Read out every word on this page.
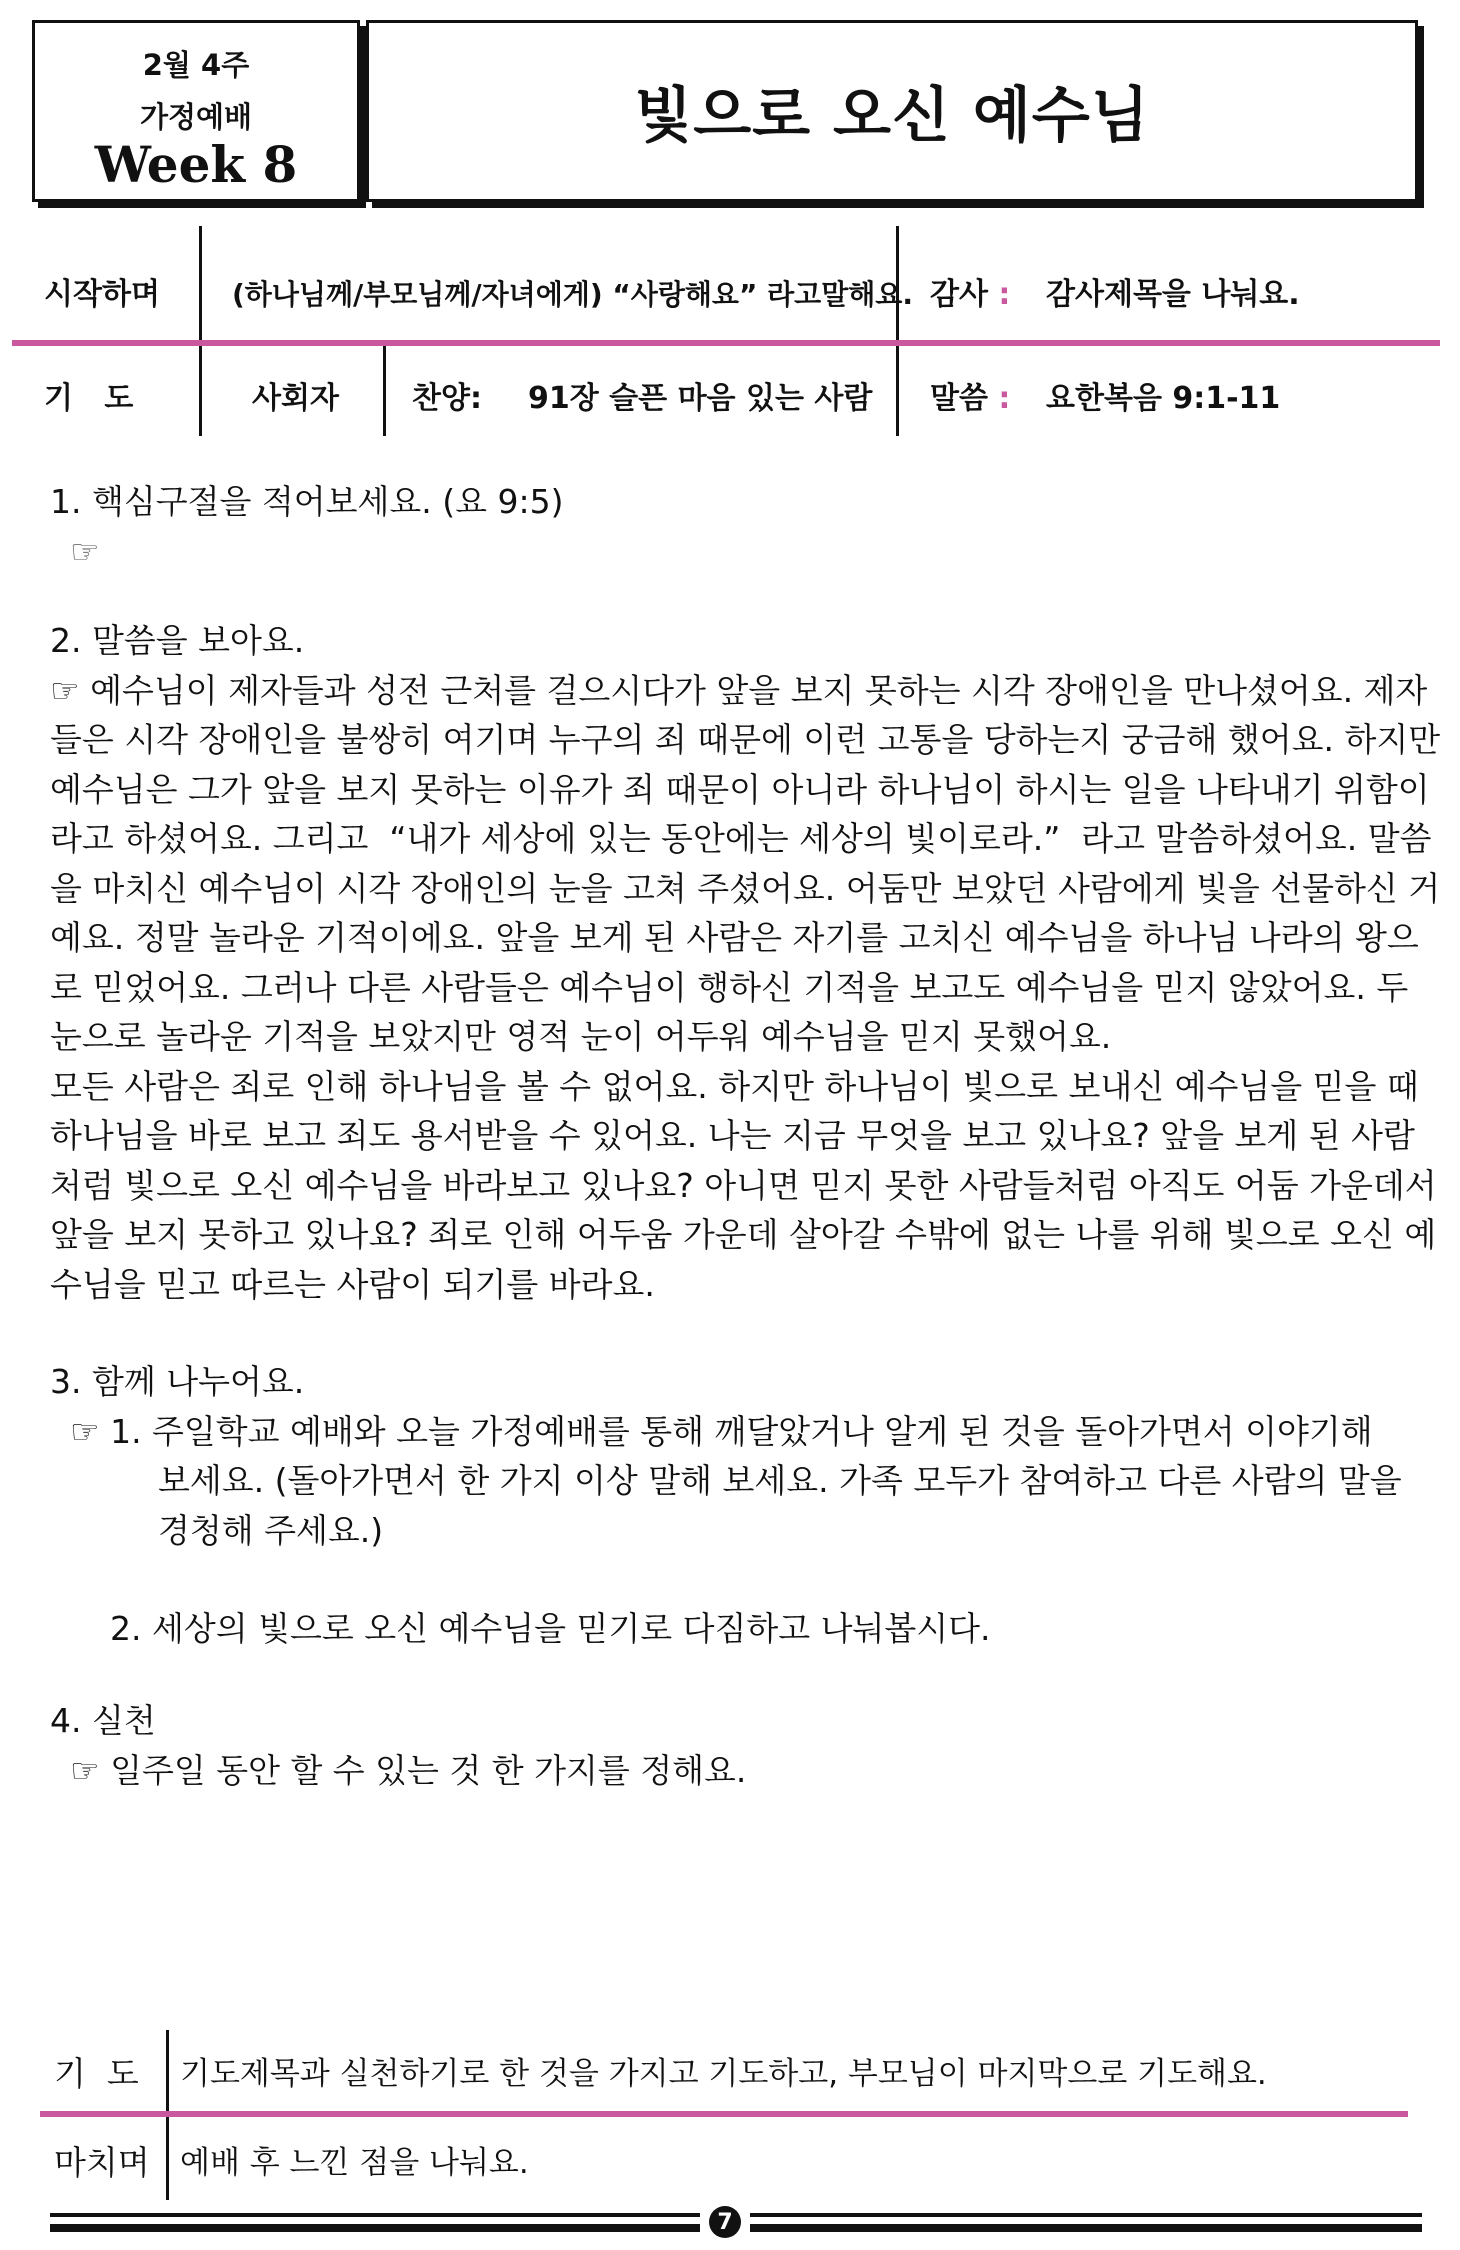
2월 4주
가정예배
Week 8
빛으로 오신 예수님
시작하며	(하나님께/부모님께/자녀에게) “사랑해요” 라고말해요. 감사 : 감사제목을 나눠요.
기   도	사회자 찬양: 91장 슬픈 마음 있는 사람 말씀 : 요한복음 9:1-11
1. 핵심구절을 적어보세요. (요 9:5)
☞
2. 말씀을 보아요.
☞ 예수님이 제자들과 성전 근처를 걸으시다가 앞을 보지 못하는 시각 장애인을 만나셨어요. 제자
들은 시각 장애인을 불쌍히 여기며 누구의 죄 때문에 이런 고통을 당하는지 궁금해 했어요. 하지만
예수님은 그가 앞을 보지 못하는 이유가 죄 때문이 아니라 하나님이 하시는 일을 나타내기 위함이
라고 하셨어요. 그리고  “내가 세상에 있는 동안에는 세상의 빛이로라.”  라고 말씀하셨어요. 말씀
을 마치신 예수님이 시각 장애인의 눈을 고쳐 주셨어요. 어둠만 보았던 사람에게 빛을 선물하신 거
예요. 정말 놀라운 기적이에요. 앞을 보게 된 사람은 자기를 고치신 예수님을 하나님 나라의 왕으
로 믿었어요. 그러나 다른 사람들은 예수님이 행하신 기적을 보고도 예수님을 믿지 않았어요. 두
눈으로 놀라운 기적을 보았지만 영적 눈이 어두워 예수님을 믿지 못했어요.
모든 사람은 죄로 인해 하나님을 볼 수 없어요. 하지만 하나님이 빛으로 보내신 예수님을 믿을 때
하나님을 바로 보고 죄도 용서받을 수 있어요. 나는 지금 무엇을 보고 있나요? 앞을 보게 된 사람
처럼 빛으로 오신 예수님을 바라보고 있나요? 아니면 믿지 못한 사람들처럼 아직도 어둠 가운데서
앞을 보지 못하고 있나요? 죄로 인해 어두움 가운데 살아갈 수밖에 없는 나를 위해 빛으로 오신 예
수님을 믿고 따르는 사람이 되기를 바라요.
3. 함께 나누어요.
☞ 1. 주일학교 예배와 오늘 가정예배를 통해 깨달았거나 알게 된 것을 돌아가면서 이야기해
보세요. (돌아가면서 한 가지 이상 말해 보세요. 가족 모두가 참여하고 다른 사람의 말을
경청해 주세요.)
2. 세상의 빛으로 오신 예수님을 믿기로 다짐하고 나눠봅시다.
4. 실천
☞ 일주일 동안 할 수 있는 것 한 가지를 정해요.
기  도 기도제목과 실천하기로 한 것을 가지고 기도하고, 부모님이 마지막으로 기도해요.
마치며 예배 후 느낀 점을 나눠요.
7
